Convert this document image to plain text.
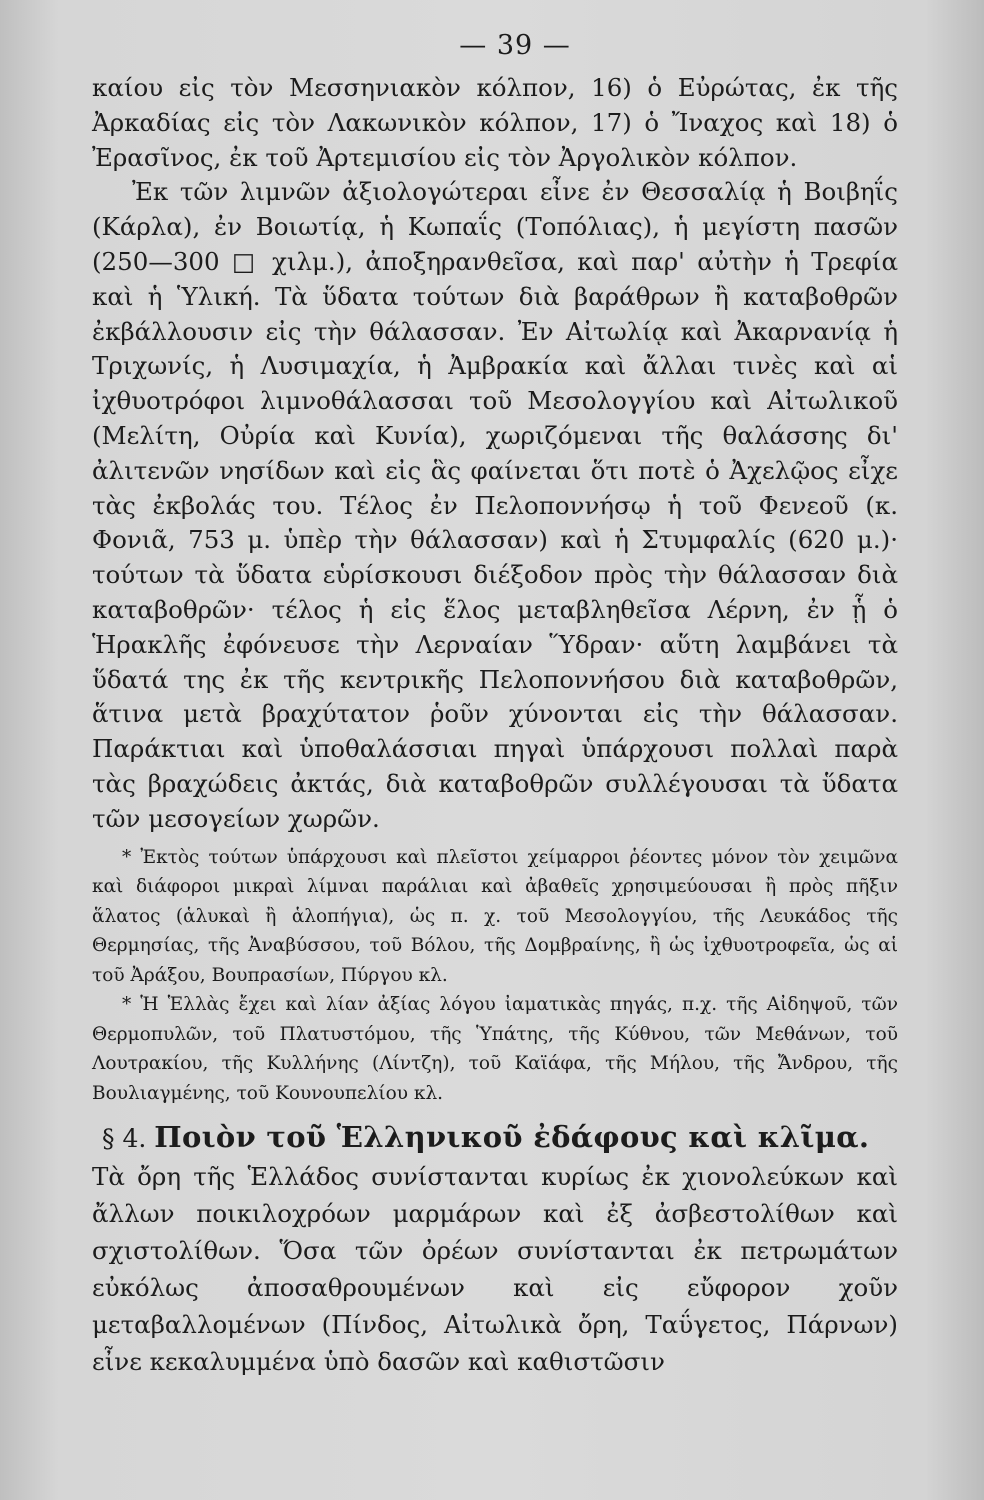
— 39 —

καίου εἰς τὸν Μεσσηνιακὸν κόλπον, 16) ὁ Εὐρώτας, ἐκ τῆς Ἀρκαδίας εἰς τὸν Λακωνικὸν κόλπον, 17) ὁ Ἴναχος καὶ 18) ὁ Ἐρασῖνος, ἐκ τοῦ Ἀρτεμισίου εἰς τὸν Ἀργολικὸν κόλπον.

Ἐκ τῶν λιμνῶν ἀξιολογώτεραι εἶνε ἐν Θεσσαλίᾳ ἡ Βοιβηΐς (Κάρλα), ἐν Βοιωτίᾳ, ἡ Κωπαΐς (Τοπόλιας), ἡ μεγίστη πασῶν (250—300 □ χιλμ.), ἀποξηρανθεῖσα, καὶ παρ' αὐτὴν ἡ Τρεφία καὶ ἡ Ὑλική. Τὰ ὕδατα τούτων διὰ βαράθρων ἢ καταβοθρῶν ἐκβάλλουσιν εἰς τὴν θάλασσαν. Ἐν Αἰτωλίᾳ καὶ Ἀκαρνανίᾳ ἡ Τριχωνίς, ἡ Λυσιμαχία, ἡ Ἀμβρακία καὶ ἄλλαι τινὲς καὶ αἱ ἰχθυοτρόφοι λιμνοθάλασσαι τοῦ Μεσολογγίου καὶ Αἰτωλικοῦ (Μελίτη, Οὐρία καὶ Κυνία), χωριζόμεναι τῆς θαλάσσης δι' ἀλιτενῶν νησίδων καὶ εἰς ἃς φαίνεται ὅτι ποτὲ ὁ Ἀχελῷος εἶχε τὰς ἐκβολάς του. Τέλος ἐν Πελοποννήσῳ ἡ τοῦ Φενεοῦ (κ. Φονιᾶ, 753 μ. ὑπὲρ τὴν θάλασσαν) καὶ ἡ Στυμφαλίς (620 μ.)· τούτων τὰ ὕδατα εὑρίσκουσι διέξοδον πρὸς τὴν θάλασσαν διὰ καταβοθρῶν· τέλος ἡ εἰς ἕλος μεταβληθεῖσα Λέρνη, ἐν ᾗ ὁ Ἡρακλῆς ἐφόνευσε τὴν Λερναίαν Ὕδραν· αὕτη λαμβάνει τὰ ὕδατά της ἐκ τῆς κεντρικῆς Πελοποννήσου διὰ καταβοθρῶν, ἅτινα μετὰ βραχύτατον ῥοῦν χύνονται εἰς τὴν θάλασσαν. Παράκτιαι καὶ ὑποθαλάσσιαι πηγαὶ ὑπάρχουσι πολλαὶ παρὰ τὰς βραχώδεις ἀκτάς, διὰ καταβοθρῶν συλλέγουσαι τὰ ὕδατα τῶν μεσογείων χωρῶν.

* Ἐκτὸς τούτων ὑπάρχουσι καὶ πλεῖστοι χείμαρροι ῥέοντες μόνον τὸν χειμῶνα καὶ διάφοροι μικραὶ λίμναι παράλιαι καὶ ἀβαθεῖς χρησιμεύουσαι ἢ πρὸς πῆξιν ἅλατος (ἁλυκαὶ ἢ ἁλοπήγια), ὡς π. χ. τοῦ Μεσολογγίου, τῆς Λευκάδος τῆς Θερμησίας, τῆς Ἀναβύσσου, τοῦ Βόλου, τῆς Δομβραίνης, ἢ ὡς ἰχθυοτροφεῖα, ὡς αἱ τοῦ Ἀράξου, Βουπρασίων, Πύργου κλ.

* Ἡ Ἑλλὰς ἔχει καὶ λίαν ἀξίας λόγου ἰαματικὰς πηγάς, π.χ. τῆς Αἰδηψοῦ, τῶν Θερμοπυλῶν, τοῦ Πλατυστόμου, τῆς Ὑπάτης, τῆς Κύθνου, τῶν Μεθάνων, τοῦ Λουτρακίου, τῆς Κυλλήνης (Λίντζη), τοῦ Καϊάφα, τῆς Μήλου, τῆς Ἄνδρου, τῆς Βουλιαγμένης, τοῦ Κουνουπελίου κλ.

§ 4. Ποιὸν τοῦ Ἑλληνικοῦ ἐδάφους καὶ κλῖμα.

Τὰ ὄρη τῆς Ἑλλάδος συνίστανται κυρίως ἐκ χιονολεύκων καὶ ἄλλων ποικιλοχρόων μαρμάρων καὶ ἐξ ἀσβεστολίθων καὶ σχιστολίθων. Ὅσα τῶν ὀρέων συνίστανται ἐκ πετρωμάτων εὐκόλως ἀποσαθρουμένων καὶ εἰς εὔφορον χοῦν μεταβαλλομένων (Πίνδος, Αἰτωλικὰ ὄρη, Ταΰγετος, Πάρνων) εἶνε κεκαλυμμένα ὑπὸ δασῶν καὶ καθιστῶσιν
